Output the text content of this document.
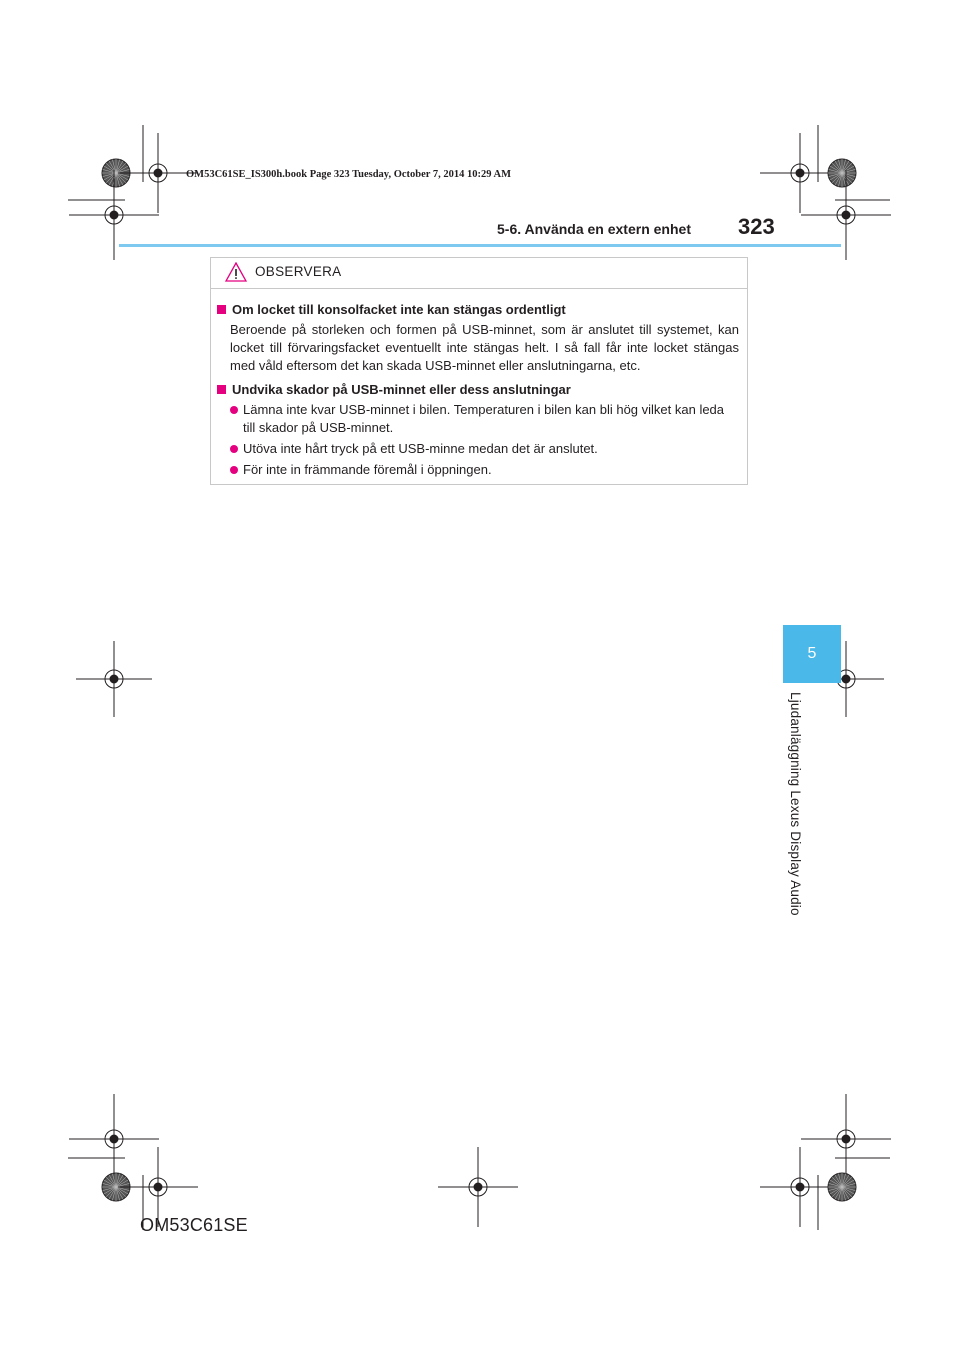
OM53C61SE_IS300h.book Page 323 Tuesday, October 7, 2014 10:29 AM
5-6. Använda en extern enhet 323
OBSERVERA
Om locket till konsolfacket inte kan stängas ordentligt
Beroende på storleken och formen på USB-minnet, som är anslutet till systemet, kan locket till förvaringsfacket eventuellt inte stängas helt. I så fall får inte locket stängas med våld eftersom det kan skada USB-minnet eller anslutningarna, etc.
Undvika skador på USB-minnet eller dess anslutningar
Lämna inte kvar USB-minnet i bilen. Temperaturen i bilen kan bli hög vilket kan leda till skador på USB-minnet.
Utöva inte hårt tryck på ett USB-minne medan det är anslutet.
För inte in främmande föremål i öppningen.
5
Ljudanläggning Lexus Display Audio
OM53C61SE
